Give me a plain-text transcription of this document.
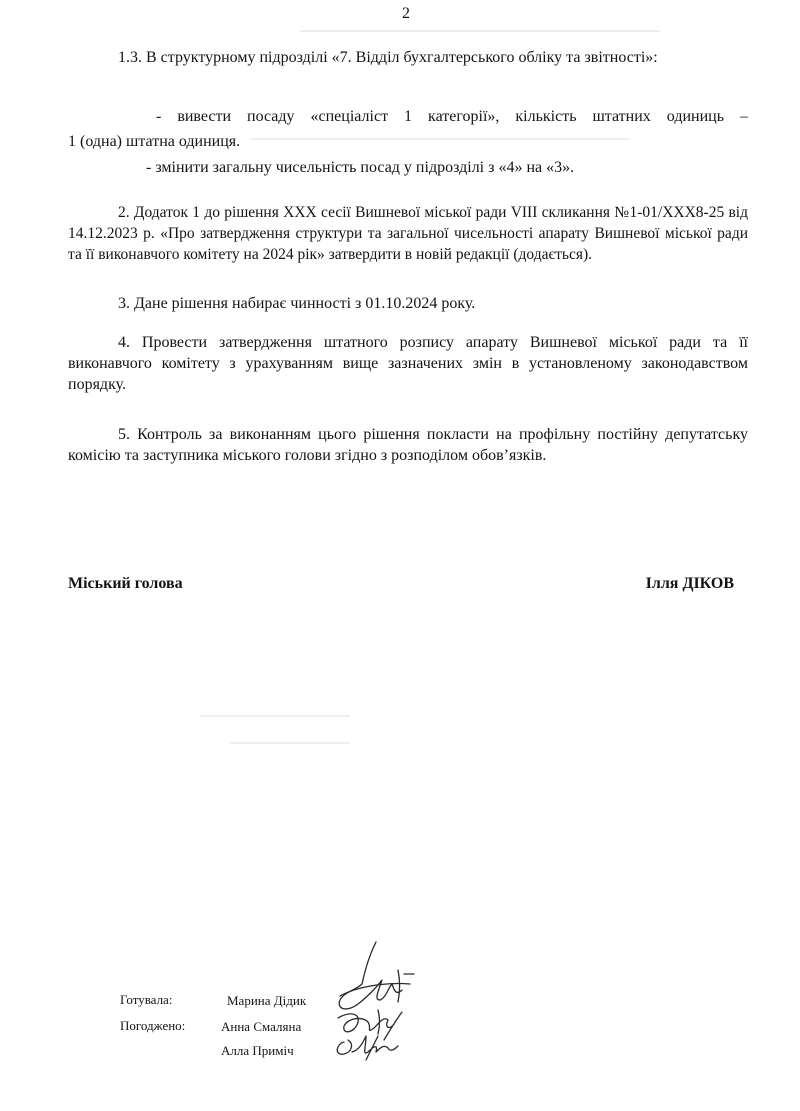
2

1.3. В структурному підрозділі «7. Відділ бухгалтерського обліку та звітності»:

- вивести посаду «спеціаліст 1 категорії», кількість штатних одиниць –
1 (одна) штатна одиниця.
- змінити загальну чисельність посад у підрозділі з «4» на «3».

2. Додаток 1 до рішення ХХХ сесії Вишневої міської ради VIII скликання №1-01/ХХХ8-25 від 14.12.2023 р. «Про затвердження структури та загальної чисельності апарату Вишневої міської ради та її виконавчого комітету на 2024 рік» затвердити в новій редакції (додається).

3. Дане рішення набирає чинності з 01.10.2024 року.

4. Провести затвердження штатного розпису апарату Вишневої міської ради та її виконавчого комітету з урахуванням вище зазначених змін в установленому законодавством порядку.

5. Контроль за виконанням цього рішення покласти на профільну постійну депутатську комісію та заступника міського голови згідно з розподілом обов’язків.

Міський голова	Ілля ДІКОВ
Готувала:	Марина Дідик
Погоджено:	Анна Смаляна
Алла Приміч
